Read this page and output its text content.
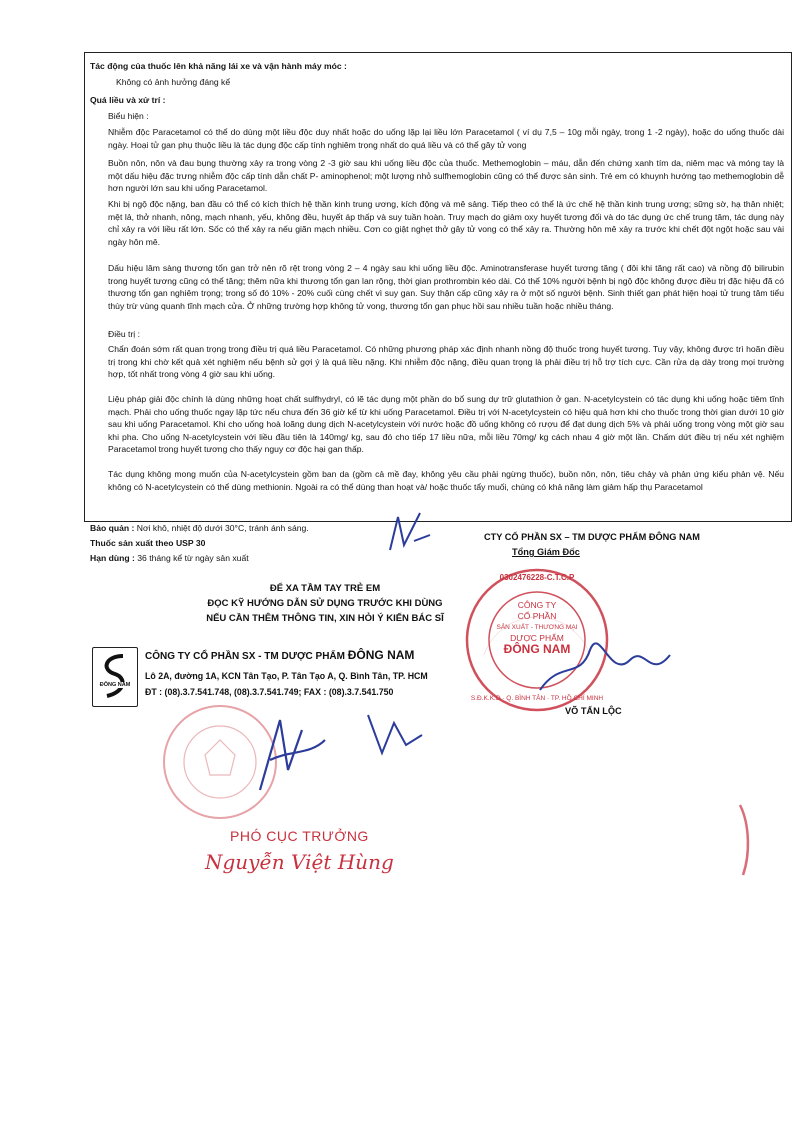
Tác động của thuốc lên khả năng lái xe và vận hành máy móc :
Không có ảnh hưởng đáng kể
Quá liều và xử trí :
Biểu hiện :
Nhiễm độc Paracetamol có thể do dùng một liều độc duy nhất hoặc do uống lặp lại liều lớn Paracetamol ( ví dụ 7,5 – 10g mỗi ngày, trong 1 -2 ngày), hoặc do uống thuốc dài ngày. Hoại tử gan phụ thuộc liều là tác dụng độc cấp tính nghiêm trọng nhất do quá liều và có thể gây tử vong
Buồn nôn, nôn và đau bụng thường xảy ra trong vòng 2 -3 giờ sau khi uống liều độc của thuốc. Methemoglobin – máu, dẫn đến chứng xanh tím da, niêm mạc và móng tay là một dấu hiệu đặc trưng nhiễm độc cấp tính dẫn chất P- aminophenol; một lượng nhỏ sulfhemoglobin cũng có thể được sản sinh. Trẻ em có khuynh hướng tạo methemoglobin dễ hơn người lớn sau khi uống Paracetamol.
Khi bị ngộ độc nặng, ban đầu có thể có kích thích hệ thần kinh trung ương, kích động và mê sảng. Tiếp theo có thể là ức chế hệ thần kinh trung ương; sững sờ, hạ thân nhiệt; mệt lả, thở nhanh, nông, mạch nhanh, yếu, không đều, huyết áp thấp và suy tuần hoàn. Truy mạch do giảm oxy huyết tương đối và do tác dụng ức chế trung tâm, tác dụng này chỉ xảy ra với liều rất lớn. Sốc có thể xảy ra nếu giãn mạch nhiều. Cơn co giật nghẹt thở gây tử vong có thể xảy ra. Thường hôn mê xảy ra trước khi chết đột ngột hoặc sau vài ngày hôn mê.
Dấu hiệu lâm sàng thương tổn gan trở nên rõ rệt trong vòng 2 – 4 ngày sau khi uống liều độc. Aminotransferase huyết tương tăng ( đôi khi tăng rất cao) và nồng độ bilirubin trong huyết tương cũng có thể tăng; thêm nữa khi thương tổn gan lan rộng, thời gian prothrombin kéo dài. Có thể 10% người bệnh bị ngộ độc không được điều trị đặc hiệu đã có thương tổn gan nghiêm trọng; trong số đó 10% - 20% cuối cùng chết vì suy gan. Suy thận cấp cũng xảy ra ở một số người bệnh. Sinh thiết gan phát hiện hoại tử trung tâm tiểu thùy trừ vùng quanh tĩnh mạch cửa. Ở những trường hợp không tử vong, thương tổn gan phục hồi sau nhiều tuần hoặc nhiều tháng.
Điều trị :
Chẩn đoán sớm rất quan trọng trong điều trị quá liều Paracetamol. Có những phương pháp xác định nhanh nồng độ thuốc trong huyết tương. Tuy vậy, không được trì hoãn điều trị trong khi chờ kết quả xét nghiệm nếu bệnh sử gợi ý là quá liều nặng. Khi nhiễm độc nặng, điều quan trọng là phải điều trị hỗ trợ tích cực. Cần rửa dạ dày trong mọi trường hợp, tốt nhất trong vòng 4 giờ sau khi uống.
Liệu pháp giải độc chính là dùng những hoạt chất sulfhydryl, có lẽ tác dụng một phần do bổ sung dự trữ glutathion ở gan. N-acetylcystein có tác dụng khi uống hoặc tiêm tĩnh mạch. Phải cho uống thuốc ngay lập tức nếu chưa đến 36 giờ kể từ khi uống Paracetamol. Điều trị với N-acetylcystein có hiệu quả hơn khi cho thuốc trong thời gian dưới 10 giờ sau khi uống Paracetamol. Khi cho uống hoà loãng dung dịch N-acetylcystein với nước hoặc đồ uống không có rượu để đạt dung dịch 5% và phải uống trong vòng một giờ sau khi pha. Cho uống N-acetylcystein với liều đầu tiên là 140mg/ kg, sau đó cho tiếp 17 liều nữa, mỗi liều 70mg/ kg cách nhau 4 giờ một lần. Chấm dứt điều trị nếu xét nghiệm Paracetamol trong huyết tương cho thấy nguy cơ độc hại gan thấp.
Tác dụng không mong muốn của N-acetylcystein gồm ban da (gồm cả mề đay, không yêu cầu phải ngừng thuốc), buồn nôn, nôn, tiêu chảy và phản ứng kiểu phản vệ. Nếu không có N-acetylcystein có thể dùng methionin. Ngoài ra có thể dùng than hoạt và/ hoặc thuốc tẩy muối, chúng có khả năng làm giảm hấp thụ Paracetamol
Bảo quản : Nơi khô, nhiệt độ dưới 30°C, tránh ánh sáng.
Thuốc sản xuất theo USP 30
Hạn dùng : 36 tháng kể từ ngày sản xuất
CTY CỔ PHẦN SX – TM DƯỢC PHẨM ĐÔNG NAM
Tổng Giám Đốc
VÕ TẤN LỘC
ĐỂ XA TẦM TAY TRẺ EM
ĐỌC KỸ HƯỚNG DẪN SỬ DỤNG TRƯỚC KHI DÙNG
NẾU CẦN THÊM THÔNG TIN, XIN HỎI Ý KIẾN BÁC SĨ
ĐÔNG NAM
CÔNG TY CỔ PHẦN SX - TM DƯỢC PHẨM ĐÔNG NAM
Lô 2A, đường 1A, KCN Tân Tạo, P. Tân Tạo A, Q. Bình Tân, TP. HCM
ĐT : (08).3.7.541.748, (08).3.7.541.749; FAX : (08).3.7.541.750
0302476228-C.T.C.P
CÔNG TY
CỔ PHẦN
SẢN XUẤT - THƯƠNG MẠI
DƯỢC PHẨM
ĐÔNG NAM
S.Đ.K.K.D · Q. BÌNH TÂN · TP. HỒ CHÍ MINH
PHÓ CỤC TRƯỞNG
Nguyễn Việt Hùng
